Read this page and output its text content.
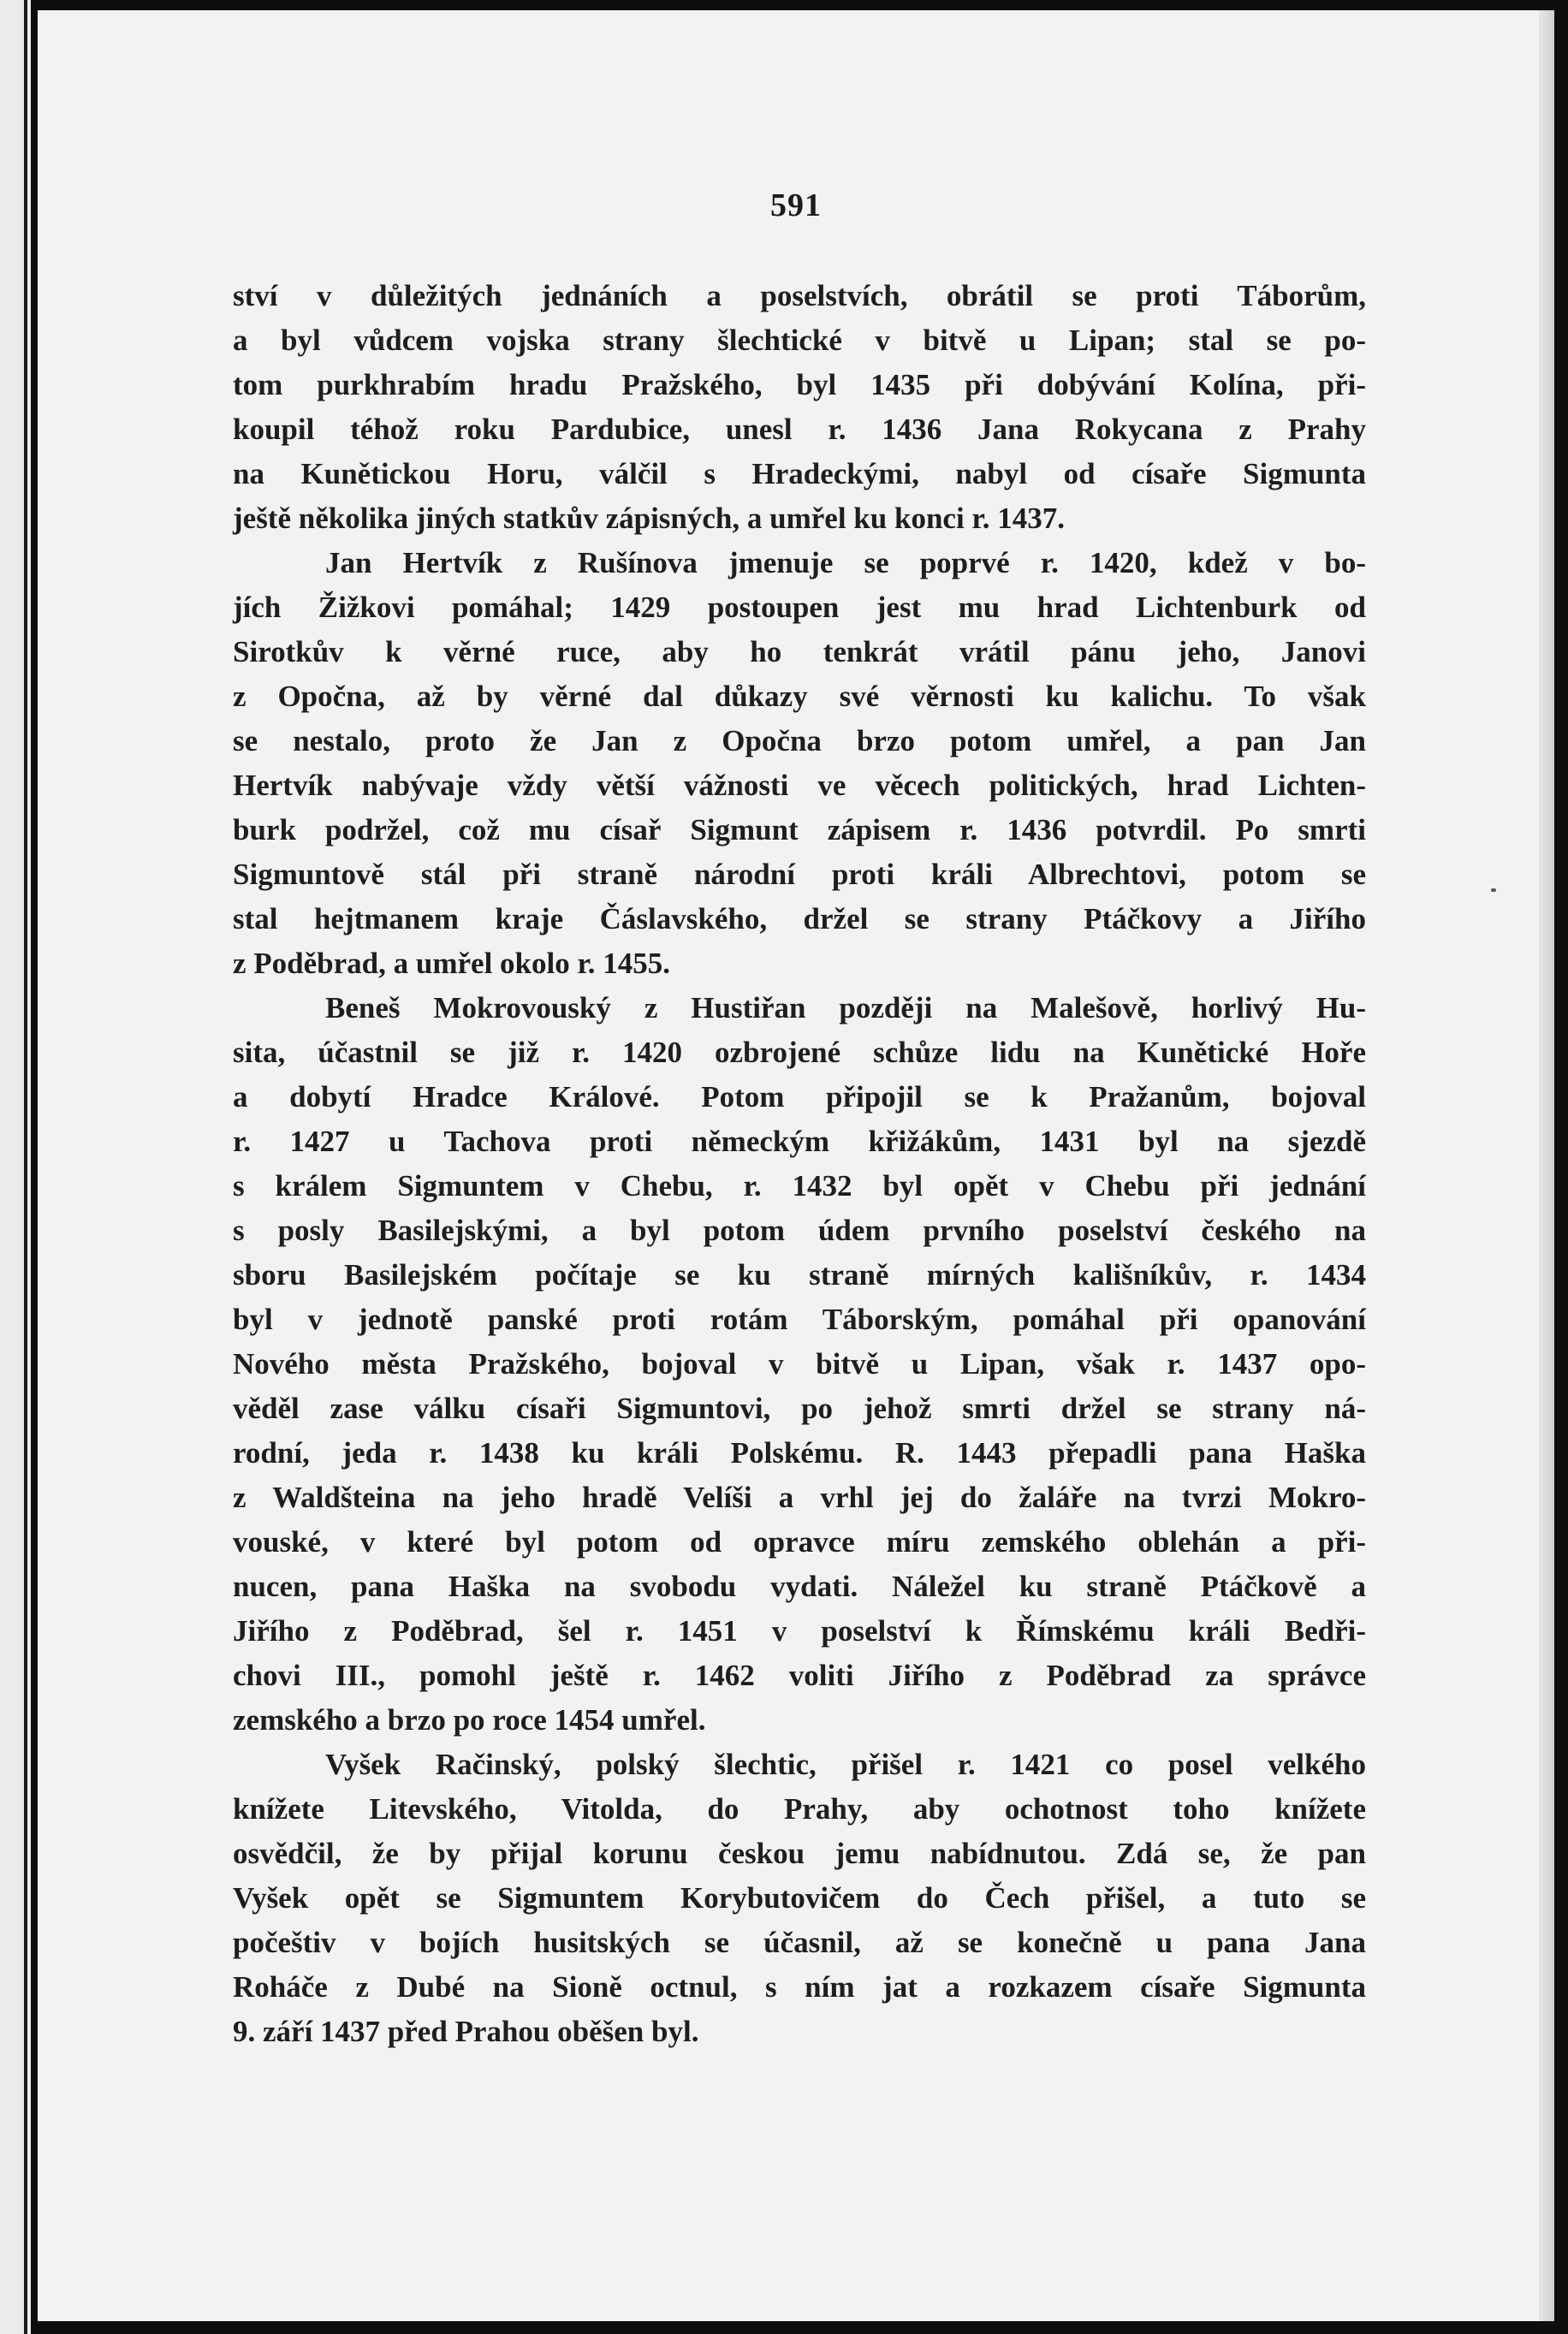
591
ství v důležitých jednáních a poselstvích, obrátil se proti Táborům,
a byl vůdcem vojska strany šlechtické v bitvě u Lipan; stal se po-
tom purkhrabím hradu Pražského, byl 1435 při dobývání Kolína, při-
koupil téhož roku Pardubice, unesl r. 1436 Jana Rokycana z Prahy
na Kunětickou Horu, válčil s Hradeckými, nabyl od císaře Sigmunta
ještě několika jiných statkův zápisných, a umřel ku konci r. 1437.
Jan Hertvík z Rušínova jmenuje se poprvé r. 1420, kdež v bo-
jích Žižkovi pomáhal; 1429 postoupen jest mu hrad Lichtenburk od
Sirotkův k věrné ruce, aby ho tenkrát vrátil pánu jeho, Janovi
z Opočna, až by věrné dal důkazy své věrnosti ku kalichu. To však
se nestalo, proto že Jan z Opočna brzo potom umřel, a pan Jan
Hertvík nabývaje vždy větší vážnosti ve věcech politických, hrad Lichten-
burk podržel, což mu císař Sigmunt zápisem r. 1436 potvrdil. Po smrti
Sigmuntově stál při straně národní proti králi Albrechtovi, potom se
stal hejtmanem kraje Čáslavského, držel se strany Ptáčkovy a Jiřího
z Poděbrad, a umřel okolo r. 1455.
Beneš Mokrovouský z Hustiřan později na Malešově, horlivý Hu-
sita, účastnil se již r. 1420 ozbrojené schůze lidu na Kunětické Hoře
a dobytí Hradce Králové. Potom připojil se k Pražanům, bojoval
r. 1427 u Tachova proti německým křižákům, 1431 byl na sjezdě
s králem Sigmuntem v Chebu, r. 1432 byl opět v Chebu při jednání
s posly Basilejskými, a byl potom údem prvního poselství českého na
sboru Basilejském počítaje se ku straně mírných kališníkův, r. 1434
byl v jednotě panské proti rotám Táborským, pomáhal při opanování
Nového města Pražského, bojoval v bitvě u Lipan, však r. 1437 opo-
věděl zase válku císaři Sigmuntovi, po jehož smrti držel se strany ná-
rodní, jeda r. 1438 ku králi Polskému. R. 1443 přepadli pana Haška
z Waldšteina na jeho hradě Velíši a vrhl jej do žaláře na tvrzi Mokro-
vouské, v které byl potom od opravce míru zemského oblehán a při-
nucen, pana Haška na svobodu vydati. Náležel ku straně Ptáčkově a
Jiřího z Poděbrad, šel r. 1451 v poselství k Římskému králi Bedři-
chovi III., pomohl ještě r. 1462 voliti Jiřího z Poděbrad za správce
zemského a brzo po roce 1454 umřel.
Vyšek Račinský, polský šlechtic, přišel r. 1421 co posel velkého
knížete Litevského, Vitolda, do Prahy, aby ochotnost toho knížete
osvědčil, že by přijal korunu českou jemu nabídnutou. Zdá se, že pan
Vyšek opět se Sigmuntem Korybutovičem do Čech přišel, a tuto se
počeštiv v bojích husitských se účasnil, až se konečně u pana Jana
Roháče z Dubé na Sioně octnul, s ním jat a rozkazem císaře Sigmunta
9. září 1437 před Prahou oběšen byl.
